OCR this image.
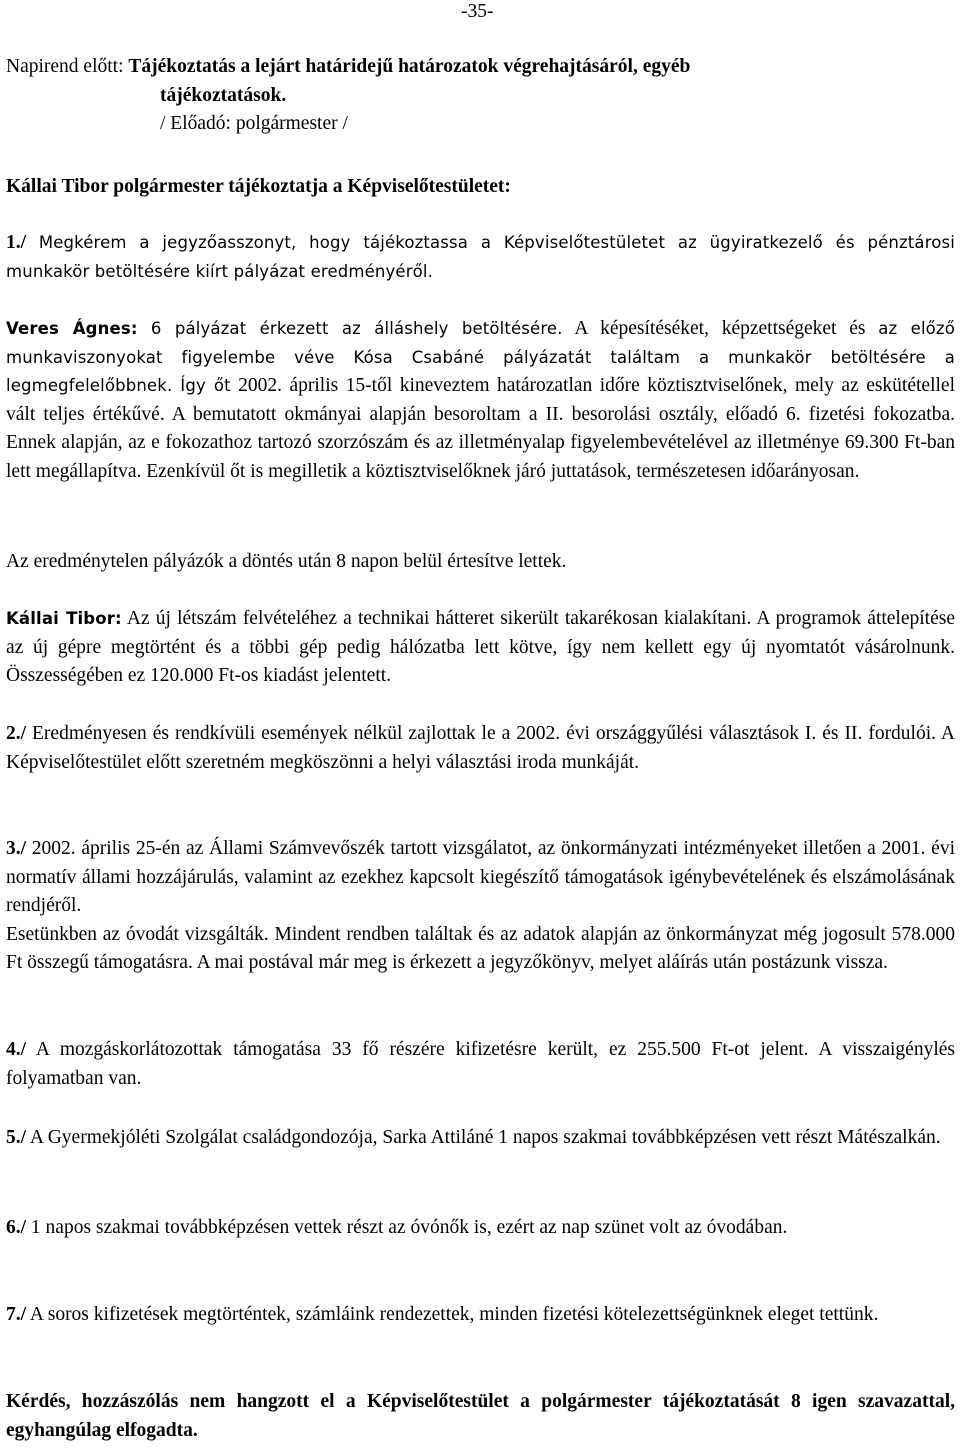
-35-

Napirend előtt: Tájékoztatás a lejárt határidejű határozatok végrehajtásáról, egyéb

tájékoztatások.

/ Előadó: polgármester /

Kállai Tibor polgármester tájékoztatja a Képviselőtestületet:
1./ Megkérem a jegyzőasszonyt, hogy tájékoztassa a Képviselőtestületet az ügyiratkezelő és pénztárosi munkakör betöltésére kiírt pályázat eredményéről.
Veres Ágnes: 6 pályázat érkezett az álláshely betöltésére. A képesítéséket, képzettségeket és az előző munkaviszonyokat figyelembe véve Kósa Csabáné pályázatát találtam a munkakör betöltésére a legmegfelelőbbnek. Így őt 2002. április 15-től kineveztem határozatlan időre köztisztviselőnek, mely az eskütétellel vált teljes értékűvé. A bemutatott okmányai alapján besoroltam a II. besorolási osztály, előadó 6. fizetési fokozatba. Ennek alapján, az e fokozathoz tartozó szorzószám és az illetményalap figyelembevételével az illetménye 69.300 Ft-ban lett megállapítva. Ezenkívül őt is megilletik a köztisztviselőknek járó juttatások, természetesen időarányosan.
Az eredménytelen pályázók a döntés után 8 napon belül értesítve lettek.
Kállai Tibor: Az új létszám felvételéhez a technikai hátteret sikerült takarékosan kialakítani. A programok áttelepítése az új gépre megtörtént és a többi gép pedig hálózatba lett kötve, így nem kellett egy új nyomtatót vásárolnunk. Összességében ez 120.000 Ft-os kiadást jelentett.
2./ Eredményesen és rendkívüli események nélkül zajlottak le a 2002. évi országgyűlési választások I. és II. fordulói. A Képviselőtestület előtt szeretném megköszönni a helyi választási iroda munkáját.

3./ 2002. április 25-én az Állami Számvevőszék tartott vizsgálatot, az önkormányzati intézményeket illetően a 2001. évi normatív állami hozzájárulás, valamint az ezekhez kapcsolt kiegészítő támogatások igénybevételének és elszámolásának rendjéről.

Esetünkben az óvodát vizsgálták. Mindent rendben találtak és az adatok alapján az önkormányzat még jogosult 578.000 Ft összegű támogatásra. A mai postával már meg is érkezett a jegyzőkönyv, melyet aláírás után postázunk vissza.

4./ A mozgáskorlátozottak támogatása 33 fő részére kifizetésre került, ez 255.500 Ft-ot jelent. A visszaigénylés folyamatban van.
5./ A Gyermekjóléti Szolgálat családgondozója, Sarka Attiláné 1 napos szakmai továbbképzésen vett részt Mátészalkán.
6./ 1 napos szakmai továbbképzésen vettek részt az óvónők is, ezért az nap szünet volt az óvodában.
7./ A soros kifizetések megtörténtek, számláink rendezettek, minden fizetési kötelezettségünknek eleget tettünk.
Kérdés, hozzászólás nem hangzott el a Képviselőtestület a polgármester tájékoztatását 8 igen szavazattal, egyhangúlag elfogadta.
